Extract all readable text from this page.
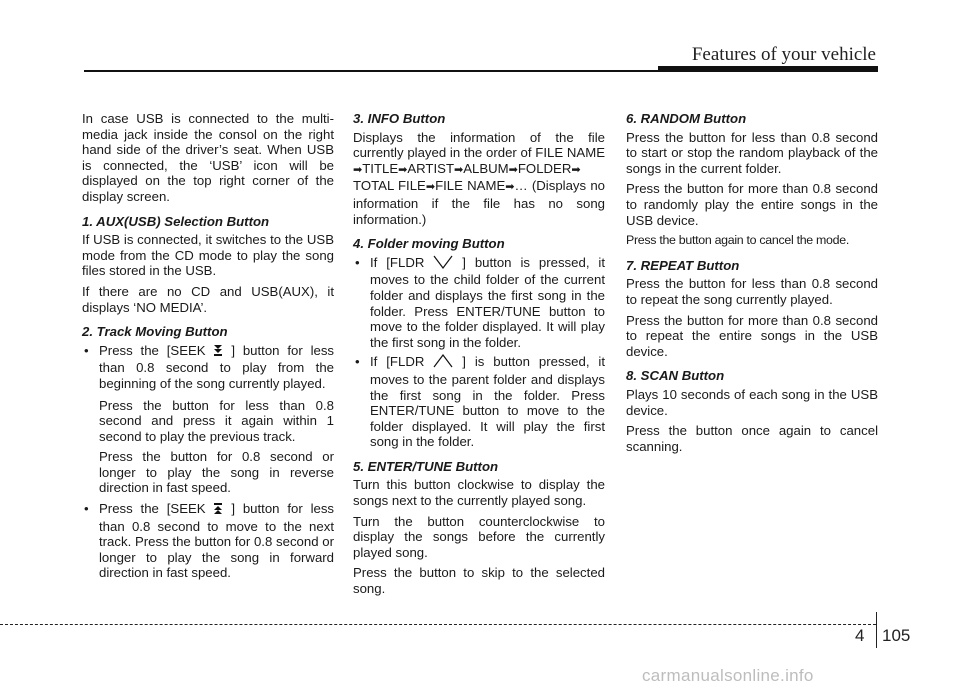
Features of your vehicle

In case USB is connected to the multi-media jack inside the consol on the right hand side of the driver’s seat. When USB is connected, the ‘USB’ icon will be displayed on the top right corner of the display screen.

1. AUX(USB) Selection Button

If USB is connected, it switches to the USB mode from the CD mode to play the song files stored in the USB.

If there are no CD and USB(AUX), it displays ‘NO MEDIA’.

2. Track Moving Button
• Press the [SEEK ] button for less than 0.8 second to play from the beginning of the song currently played.

Press the button for less than 0.8 second and press it again within 1 second to play the previous track.

Press the button for 0.8 second or longer to play the song in reverse direction in fast speed.

• Press the [SEEK ] button for less than 0.8 second to move to the next track. Press the button for 0.8 second or longer to play the song in forward direction in fast speed.
3. INFO Button

Displays the information of the file currently played in the order of FILE NAME ➡TITLE➡ARTIST➡ALBUM➡FOLDER➡ TOTAL FILE➡FILE NAME➡… (Displays no information if the file has no song information.)

4. Folder moving Button
• If [FLDR	] button is pressed, it moves to the child folder of the current folder and displays the first song in the folder. Press ENTER/TUNE button to move to the folder displayed. It will play the first song in the folder.
• If [FLDR	] is button pressed, it moves to the parent folder and displays the first song in the folder. Press ENTER/TUNE button to move to the folder displayed. It will play the first song in the folder.
5. ENTER/TUNE Button

Turn this button clockwise to display the songs next to the currently played song.

Turn the button counterclockwise to display the songs before the currently played song.

Press the button to skip to the selected song.

6. RANDOM Button

Press the button for less than 0.8 second to start or stop the random playback of the songs in the current folder.

Press the button for more than 0.8 second to randomly play the entire songs in the USB device.

Press the button again to cancel the mode.

7. REPEAT Button

Press the button for less than 0.8 second to repeat the song currently played.

Press the button for more than 0.8 second to repeat the entire songs in the USB device.

8. SCAN Button

Plays 10 seconds of each song in the USB device.

Press the button once again to cancel scanning.

4 105
carmanualsonline.info
